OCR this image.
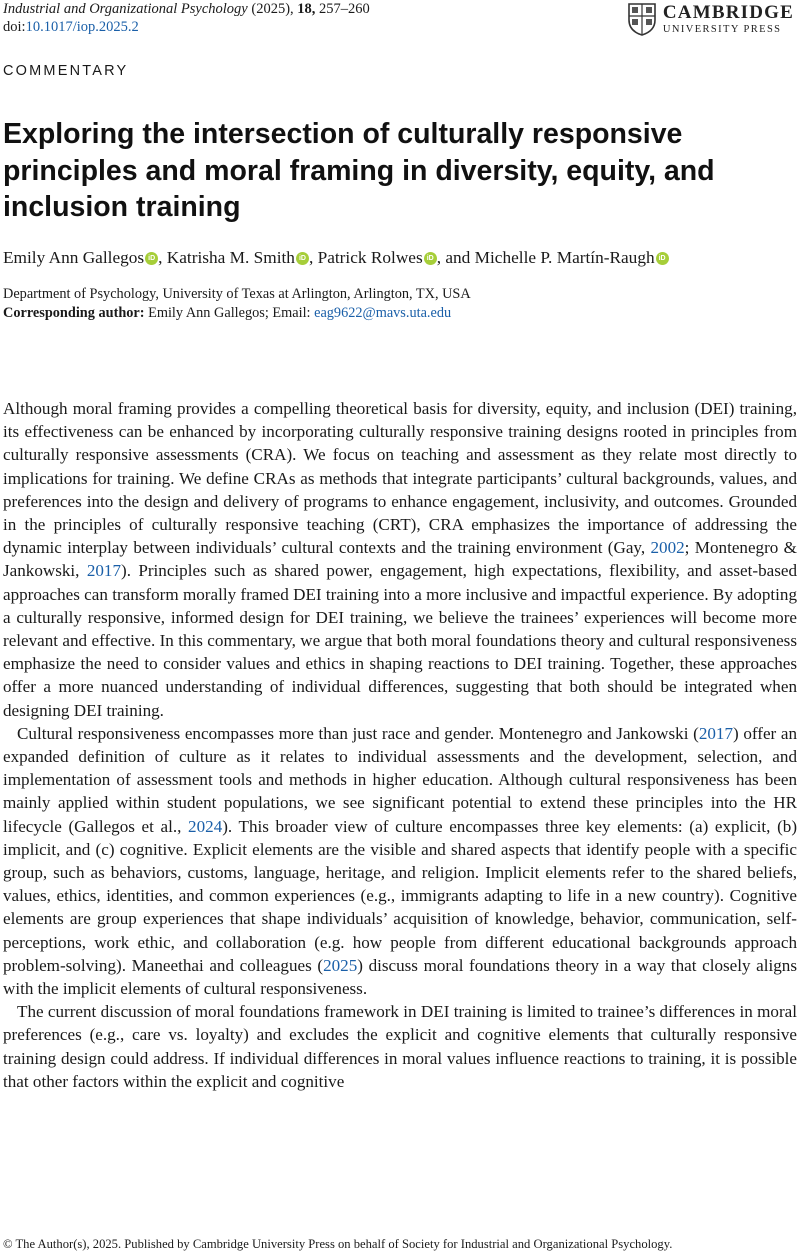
Industrial and Organizational Psychology (2025), 18, 257–260
doi:10.1017/iop.2025.2
CAMBRIDGE
UNIVERSITY PRESS
COMMENTARY
Exploring the intersection of culturally responsive principles and moral framing in diversity, equity, and inclusion training
Emily Ann Gallegos iD , Katrisha M. Smith iD , Patrick Rolwes iD , and Michelle P. Martín-Raugh iD
Department of Psychology, University of Texas at Arlington, Arlington, TX, USA
Corresponding author: Emily Ann Gallegos; Email: eag9622@mavs.uta.edu

Although moral framing provides a compelling theoretical basis for diversity, equity, and inclusion (DEI) training, its effectiveness can be enhanced by incorporating culturally responsive training designs rooted in principles from culturally responsive assessments (CRA). We focus on teaching and assessment as they relate most directly to implications for training. We define CRAs as methods that integrate participants’ cultural backgrounds, values, and preferences into the design and delivery of programs to enhance engagement, inclusivity, and outcomes. Grounded in the principles of culturally responsive teaching (CRT), CRA emphasizes the importance of addressing the dynamic interplay between individuals’ cultural contexts and the training environment (Gay, 2002; Montenegro & Jankowski, 2017). Principles such as shared power, engagement, high expectations, flexibility, and asset-based approaches can transform morally framed DEI training into a more inclusive and impactful experience. By adopting a culturally responsive, informed design for DEI training, we believe the trainees’ experiences will become more relevant and effective. In this commentary, we argue that both moral foundations theory and cultural responsiveness emphasize the need to consider values and ethics in shaping reactions to DEI training. Together, these approaches offer a more nuanced understanding of individual differences, suggesting that both should be integrated when designing DEI training.

Cultural responsiveness encompasses more than just race and gender. Montenegro and Jankowski (2017) offer an expanded definition of culture as it relates to individual assessments and the development, selection, and implementation of assessment tools and methods in higher education. Although cultural responsiveness has been mainly applied within student populations, we see significant potential to extend these principles into the HR lifecycle (Gallegos et al., 2024). This broader view of culture encompasses three key elements: (a) explicit, (b) implicit, and (c) cognitive. Explicit elements are the visible and shared aspects that identify people with a specific group, such as behaviors, customs, language, heritage, and religion. Implicit elements refer to the shared beliefs, values, ethics, identities, and common experiences (e.g., immigrants adapting to life in a new country). Cognitive elements are group experiences that shape individuals’ acquisition of knowledge, behavior, communication, self-perceptions, work ethic, and collaboration (e.g. how people from different educational backgrounds approach problem-solving). Maneethai and colleagues (2025) discuss moral foundations theory in a way that closely aligns with the implicit elements of cultural responsiveness.

The current discussion of moral foundations framework in DEI training is limited to trainee’s differences in moral preferences (e.g., care vs. loyalty) and excludes the explicit and cognitive elements that culturally responsive training design could address. If individual differences in moral values influence reactions to training, it is possible that other factors within the explicit and cognitive

© The Author(s), 2025. Published by Cambridge University Press on behalf of Society for Industrial and Organizational Psychology.
